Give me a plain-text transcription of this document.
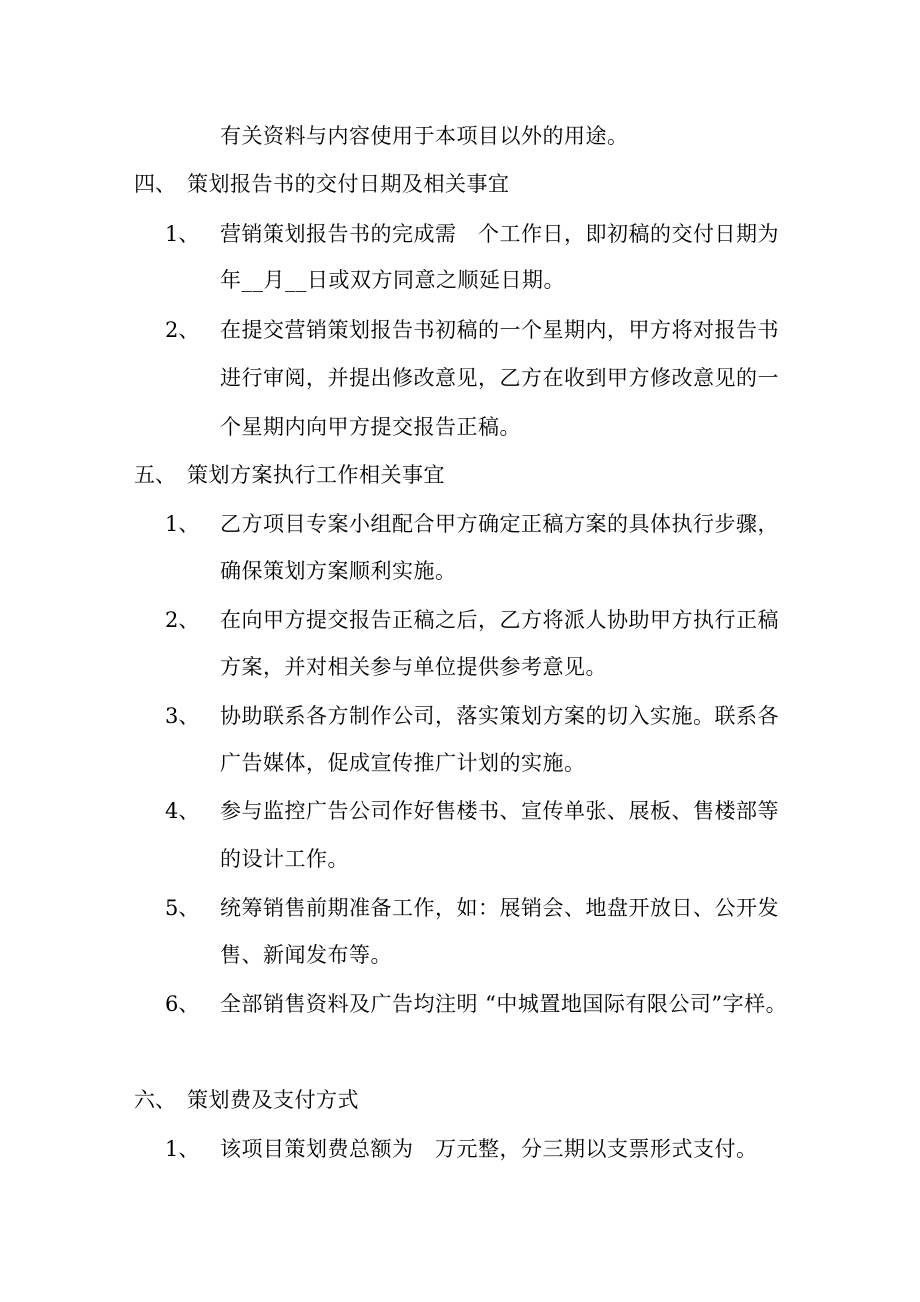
有关资料与内容使用于本项目以外的用途。
四、 策划报告书的交付日期及相关事宜
1、 营销策划报告书的完成需　个工作日，即初稿的交付日期为
年__月__日或双方同意之顺延日期。
2、 在提交营销策划报告书初稿的一个星期内，甲方将对报告书
进行审阅，并提出修改意见，乙方在收到甲方修改意见的一
个星期内向甲方提交报告正稿。
五、 策划方案执行工作相关事宜
1、 乙方项目专案小组配合甲方确定正稿方案的具体执行步骤，
确保策划方案顺利实施。
2、 在向甲方提交报告正稿之后，乙方将派人协助甲方执行正稿
方案，并对相关参与单位提供参考意见。
3、 协助联系各方制作公司，落实策划方案的切入实施。联系各
广告媒体，促成宣传推广计划的实施。
4、 参与监控广告公司作好售楼书、宣传单张、展板、售楼部等
的设计工作。
5、 统筹销售前期准备工作，如：展销会、地盘开放日、公开发
售、新闻发布等。
6、 全部销售资料及广告均注明 “中城置地国际有限公司”字样。
六、 策划费及支付方式
1、 该项目策划费总额为　万元整，分三期以支票形式支付。
